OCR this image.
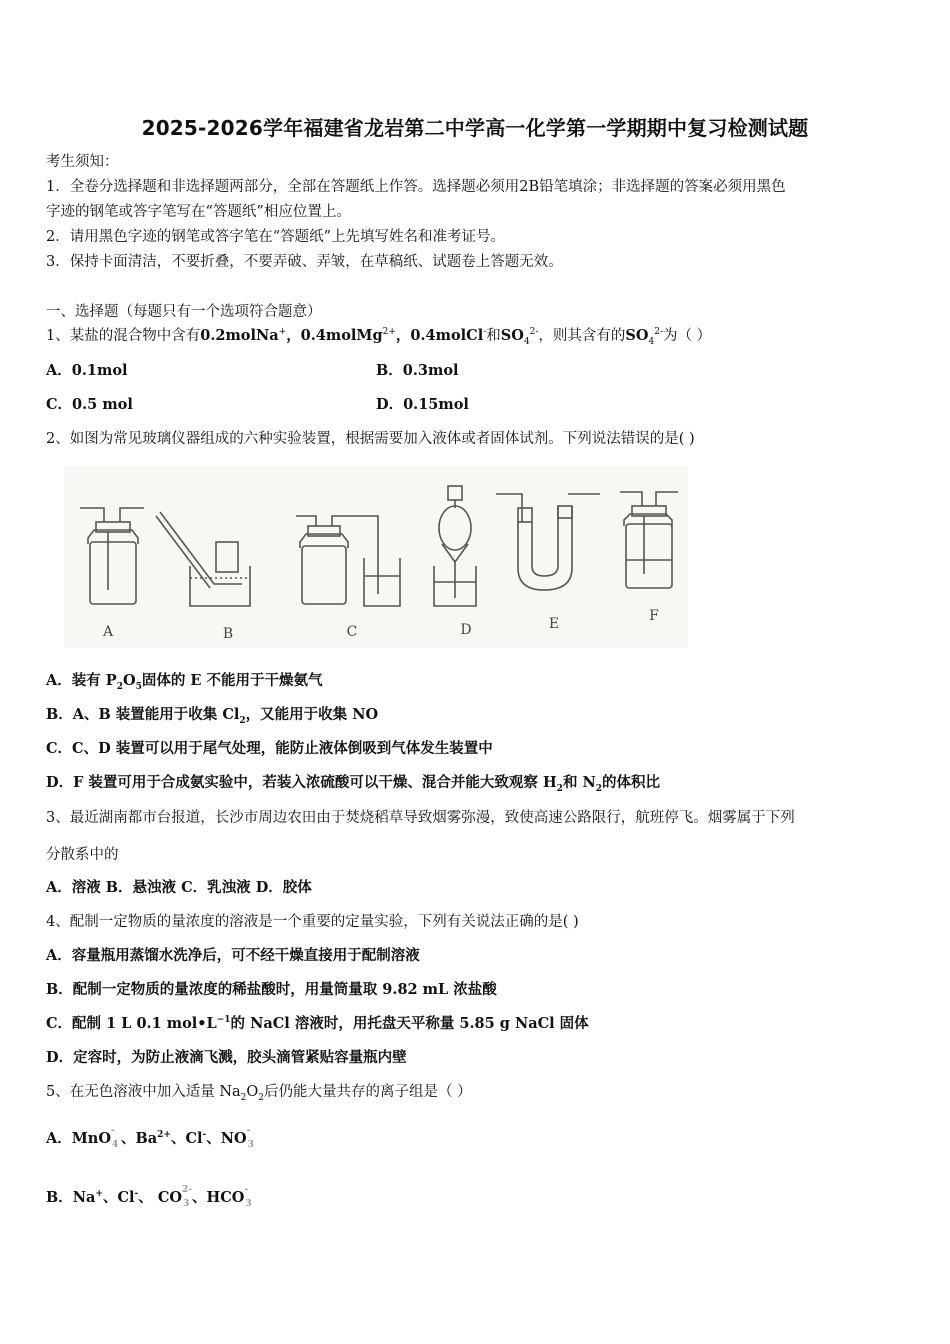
2025-2026学年福建省龙岩第二中学高一化学第一学期期中复习检测试题
考生须知：
1．全卷分选择题和非选择题两部分，全部在答题纸上作答。选择题必须用2B铅笔填涂；非选择题的答案必须用黑色
字迹的钢笔或答字笔写在“答题纸”相应位置上。
2．请用黑色字迹的钢笔或答字笔在“答题纸”上先填写姓名和准考证号。
3．保持卡面清洁，不要折叠，不要弄破、弄皱，在草稿纸、试题卷上答题无效。
一、选择题（每题只有一个选项符合题意）
1、某盐的混合物中含有0.2molNa+，0.4molMg$^{2+}$，0.4molCl-和$SO_4^{2-}$，则其含有的$SO_4^{2-}$为（ ）
A．0.1mol	B．0.3mol
C．0.5 mol	D．0.15mol
2、如图为常见玻璃仪器组成的六种实验装置，根据需要加入液体或者固体试剂。下列说法错误的是( )
A	B	C	D	E	F
A．装有 $P_2O_5$固体的 E 不能用于干燥氨气
B．A、B 装置能用于收集 $Cl_2$，又能用于收集 NO
C．C、D 装置可以用于尾气处理，能防止液体倒吸到气体发生装置中
D．F 装置可用于合成氨实验中，若装入浓硫酸可以干燥、混合并能大致观察 $H_2$和 $N_2$的体积比
3、最近湖南都市台报道，长沙市周边农田由于焚烧稻草导致烟雾弥漫，致使高速公路限行，航班停飞。烟雾属于下列
分散系中的
A．溶液 B．悬浊液 C．乳浊液 D．胶体
4、配制一定物质的量浓度的溶液是一个重要的定量实验，下列有关说法正确的是( )
A．容量瓶用蒸馏水洗净后，可不经干燥直接用于配制溶液
B．配制一定物质的量浓度的稀盐酸时，用量筒量取 9.82 mL 浓盐酸
C．配制 1 L 0.1 $mol•L^{-1}$的 NaCl 溶液时，用托盘天平称量 5.85 g NaCl 固体
D．定容时，为防止液滴飞溅，胶头滴管紧贴容量瓶内壁
5、在无色溶液中加入适量 $Na_2O_2$后仍能大量共存的离子组是（ ）
A．MnO -
4 、$Ba^{2+}$、Cl-、NO -
3
B．Na+、Cl-、 CO 2-
3 、HCO -
3
